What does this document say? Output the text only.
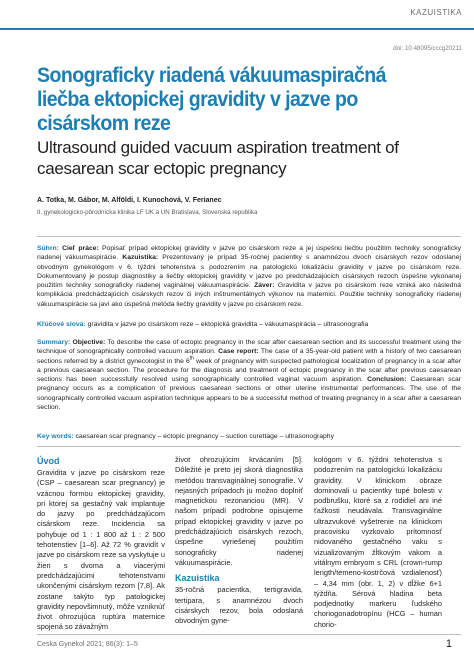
KAZUISTIKA
doi: 10.48095/cccg20211
Sonograficky riadená vákuumaspiračná liečba ektopickej gravidity v jazve po cisárskom reze
Ultrasound guided vacuum aspiration treatment of caesarean scar ectopic pregnancy
A. Totka, M. Gábor, M. Alföldi, I. Kunochová, V. Ferianec
II. gynekologicko-pôrodnícka klinika LF UK a UN Bratislava, Slovenská republika

Súhrn: Cieľ práce: Popisať prípad ektopickej gravidity v jazve po cisárskom reze a jej úspešnú liečbu použitím techniky sonograficky riadenej vákuumaspirácie. Kazuistika: Prezentovaný je prípad 35-ročnej pacientky s anamnézou dvoch cisárskych rezov odoslanej obvodným gynekológom v 6. týždni tehotenstva s podozrením na patologickú lokalizáciu gravidity v jazve po cisárskom reze. Dokumentovaný je postup diagnostiky a liečby ektopickej gravidity v jazve po predchádzajúcich cisárskych rezoch úspešne vykonanej použitím techniky sonograficky riadenej vaginálnej vákuumaspirácie. Záver: Gravidita v jazve po cisárskom reze vzniká ako následná komplikácia predchádzajúcich cisárskych rezov či iných inštrumentálnych výkonov na maternici. Použitie techniky sonograficky riadenej vákuumaspirácie sa javí ako úspešná metóda liečby gravidity v jazve po cisárskom reze.

Kľúčové slová: gravidita v jazve po cisárskom reze – ektopická gravidita – vákuumaspirácia – ultrasonografia

Summary: Objective: To describe the case of ectopic pregnancy in the scar after caesarean section and its successful treatment using the technique of sonographically controlled vacuum aspiration. Case report: The case of a 35-year-old patient with a history of two caesarean sections referred by a district gynecologist in the 6th week of pregnancy with suspected pathological localization of pregnancy in a scar after a previous caesarean section. The procedure for the diagnosis and treatment of ectopic pregnancy in the scar after previous caesarean sections has been successfully resolved using sonographically controlled vaginal vacuum aspiration. Conclusion: Caesarean scar pregnancy occurs as a complication of previous caesarean sections or other uterine instrumental performances. The use of the sonographically controlled vacuum aspiration technique appears to be a successful method of treating pregnancy in a scar after a caesarean section.

Key words: caesarean scar pregnancy – ectopic pregnancy – suction curettage – ultrasonography

Úvod
Gravidita v jazve po cisárskom reze (CSP – caesarean scar pregnancy) je vzácnou formou ektopickej gravidity, pri ktorej sa gestačný vak implantuje do jazvy po predchádzajúcom cisárskom reze. Incidencia sa pohybuje od 1 : 1 800 až 1 : 2 500 tehotenstiev [1–6]. Až 72 % gravidít v jazve po cisárskom reze sa vyskytuje u žien s dvoma a viacerými predchádzajúcimi tehotenstvami ukončenými cisárskym rezom [7,8]. Ak zostane takýto typ patologickej gravidity nepovšimnutý, môže vzniknúť život ohrozujúca ruptúra maternice spojená so závažným
život ohrozujúcim krvácaním [5]. Dôležité je preto jej skorá diagnostika metódou transvaginálnej sonografie. V nejasných prípadoch ju možno doplniť magnetickou rezonanciou (MR). V našom prípadí podrobne opisujeme prípad ektopickej gravidity v jazve po predchádzajúcich cisárskych rezoch, úspešne vyriešenej použitím sonograficky riadenej vákuumaspirácie.
Kazuistika
35-ročná pacientka, tertigravida, tertipara, s anamnézou dvoch cisárskych rezov, bola odoslaná obvodným gyne-
kológom v 6. týždni tehotenstva s podozrením na patologickú lokalizáciu gravidity. V klinickom obraze dominovali u pacientky tupé bolesti v podbrušku, ktoré sa z rodidiel ani iné ťažkosti neudávala. Transvaginálne ultrazvukové vyšetrenie na klinickom pracovisku vyzkovalo prítomnosť nidovaného gestačného vaku s vizualizovaným žĺtkovým vakom a vitálnym embryom s CRL (crown-rump length/temeno-kostrčová vzdialenosť) – 4,34 mm (obr. 1, 2) v dĺžke 6+1 týždňa. Sérová hladina beta podjednotky markeru ľudského choriogonadotropínu (HCG – human chorio-
Ceska Gynekol 2021; 86(3): 1–5	1
